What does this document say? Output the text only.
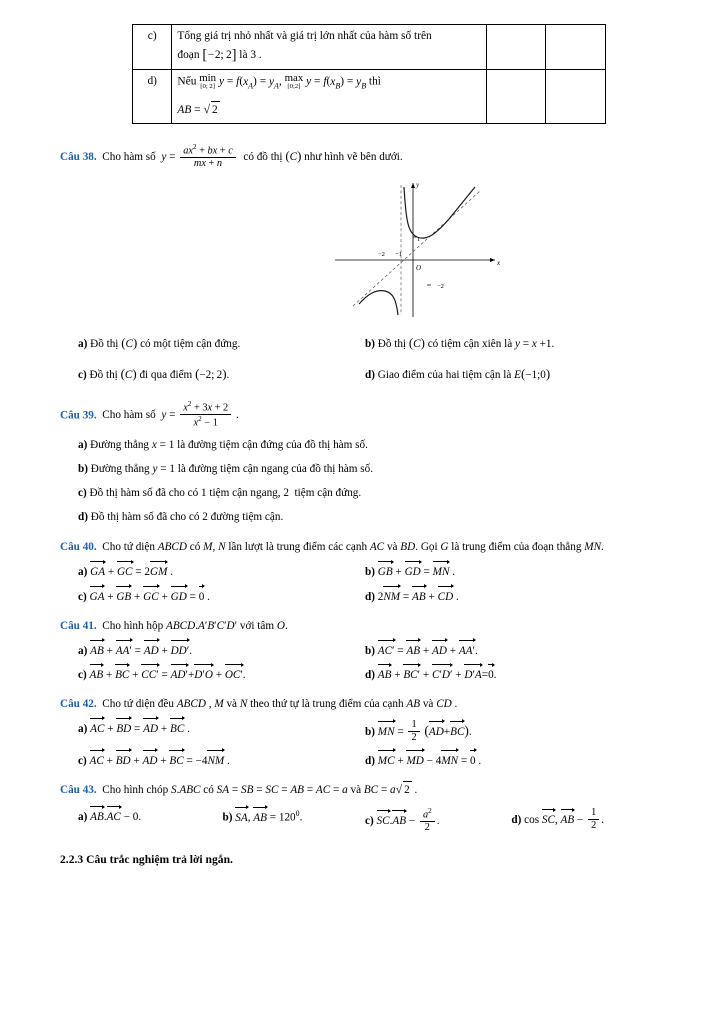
c)	Tổng giá trị nhỏ nhất và giá trị lớn nhất của hàm số trên
đoạn [−2; 2] là 3 .		

d)	Nếu min
[0; 2] $y = f(x_A) = y_A$, max
[0;2] $y = f(x_B) = y_B$ thì
AB = √ 2

Câu 38.  Cho hàm số  $y = \frac{ax^2 + bx + c}{mx + n}$ có đồ thị (C) như hình vẽ bên dưới.
x
y
O
−2 −1
1
−2
a) Đồ thị (C) có một tiệm cận đứng.	b) Đồ thị (C) có tiệm cận xiên là y = x +1.
c) Đồ thị (C) đi qua điểm (−2; 2).	d) Giao điểm của hai tiệm cận là E(−1;0)
Câu 39.  Cho hàm số  $y = \frac{x^2 + 3x + 2}{x^2 - 1}$ .
a) Đường thẳng x = 1 là đường tiệm cận đứng của đồ thị hàm số.
b) Đường thẳng y = 1 là đường tiệm cận ngang của đồ thị hàm số.
c) Đồ thị hàm số đã cho có 1 tiệm cận ngang, 2  tiệm cận đứng.
d) Đồ thị hàm số đã cho có 2 đường tiệm cận.
Câu 40.  Cho tứ diện ABCD có M, N lần lượt là trung điểm các cạnh AC và BD. Gọi G là trung điểm của đoạn thẳng MN.
a) GA + GC = 2GM .	b) GB + GD = MN .
c) GA + GB + GC + GD = 0 .	d) 2NM = AB + CD .
Câu 41.  Cho hình hộp ABCD.A′B′C′D′ với tâm O.
a) AB + AA′ = AD + DD′.	b) AC′ = AB + AD + AA′.
c) AB + BC + CC′ = AD′+D′O + OC′.	d) AB + BC′ + C′D′ + D′A=0.
Câu 42.  Cho tứ diện đều ABCD , M và N theo thứ tự là trung điểm của cạnh AB và CD .
a) AC + BD = AD + BC .	b) MN = $\frac{1}{2} (AD+BC)$.
c) AC + BD + AD + BC = −4NM .	d) MC + MD − 4MN = 0 .
Câu 43.  Cho hình chóp S.ABC có SA = SB = SC = AB = AC = a và BC = a√ 2 .
a) AB.AC − 0.	b) SA, AB = $120^0$.	c) $SC.AB - \frac{a^2}{2}$ .	d) cos SC, AB − $\frac{1}{2}$ .
2.2.3 Câu trắc nghiệm trả lời ngắn.
